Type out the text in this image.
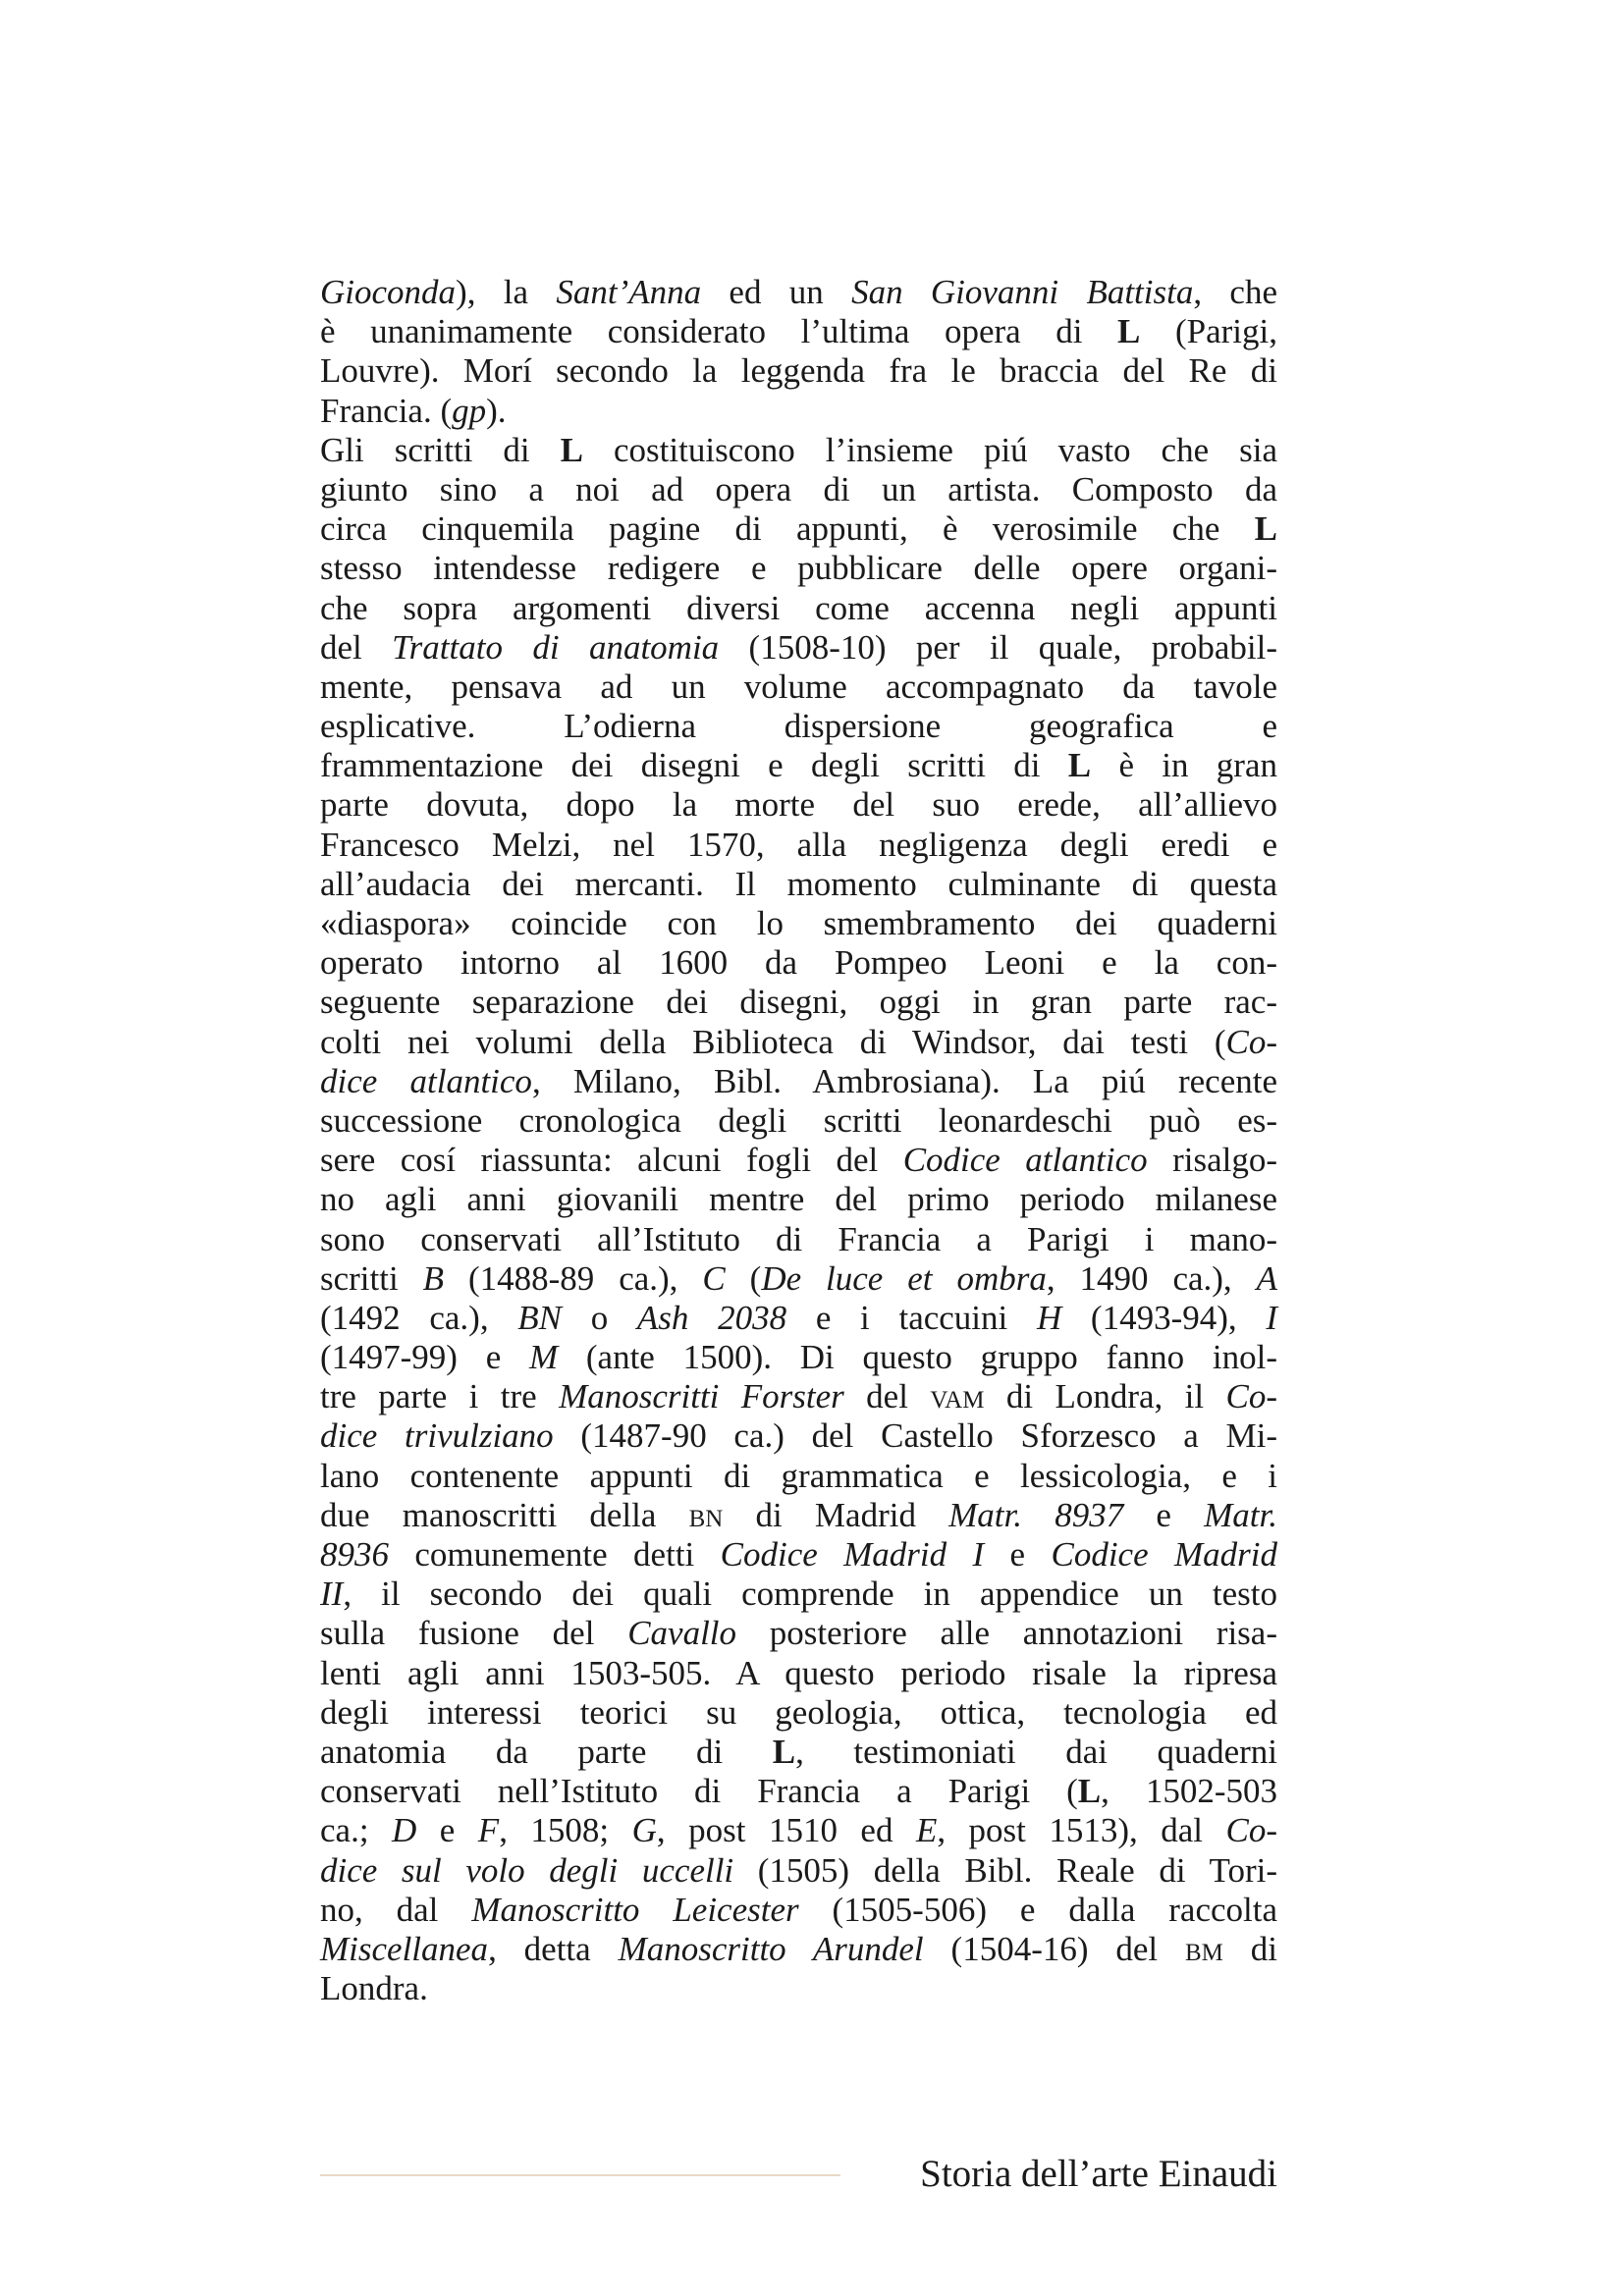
Gioconda), la Sant’Anna ed un San Giovanni Battista, che
è unanimamente considerato l’ultima opera di L (Parigi,
Louvre). Morí secondo la leggenda fra le braccia del Re di
Francia. (gp).
Gli scritti di L costituiscono l’insieme piú vasto che sia
giunto sino a noi ad opera di un artista. Composto da
circa cinquemila pagine di appunti, è verosimile che L
stesso intendesse redigere e pubblicare delle opere organi-
che sopra argomenti diversi come accenna negli appunti
del Trattato di anatomia (1508-10) per il quale, probabil-
mente, pensava ad un volume accompagnato da tavole
esplicative. L’odierna dispersione geografica e
frammentazione dei disegni e degli scritti di L è in gran
parte dovuta, dopo la morte del suo erede, all’allievo
Francesco Melzi, nel 1570, alla negligenza degli eredi e
all’audacia dei mercanti. Il momento culminante di questa
«diaspora» coincide con lo smembramento dei quaderni
operato intorno al 1600 da Pompeo Leoni e la con-
seguente separazione dei disegni, oggi in gran parte rac-
colti nei volumi della Biblioteca di Windsor, dai testi (Co-
dice atlantico, Milano, Bibl. Ambrosiana). La piú recente
successione cronologica degli scritti leonardeschi può es-
sere cosí riassunta: alcuni fogli del Codice atlantico risalgo-
no agli anni giovanili mentre del primo periodo milanese
sono conservati all’Istituto di Francia a Parigi i mano-
scritti B (1488-89 ca.), C (De luce et ombra, 1490 ca.), A
(1492 ca.), BN o Ash 2038 e i taccuini H (1493-94), I
(1497-99) e M (ante 1500). Di questo gruppo fanno inol-
tre parte i tre Manoscritti Forster del vam di Londra, il Co-
dice trivulziano (1487-90 ca.) del Castello Sforzesco a Mi-
lano contenente appunti di grammatica e lessicologia, e i
due manoscritti della bn di Madrid Matr. 8937 e Matr.
8936 comunemente detti Codice Madrid I e Codice Madrid
II, il secondo dei quali comprende in appendice un testo
sulla fusione del Cavallo posteriore alle annotazioni risa-
lenti agli anni 1503-505. A questo periodo risale la ripresa
degli interessi teorici su geologia, ottica, tecnologia ed
anatomia da parte di L, testimoniati dai quaderni
conservati nell’Istituto di Francia a Parigi (L, 1502-503
ca.; D e F, 1508; G, post 1510 ed E, post 1513), dal Co-
dice sul volo degli uccelli (1505) della Bibl. Reale di Tori-
no, dal Manoscritto Leicester (1505-506) e dalla raccolta
Miscellanea, detta Manoscritto Arundel (1504-16) del bm di
Londra.
Storia dell’arte Einaudi
